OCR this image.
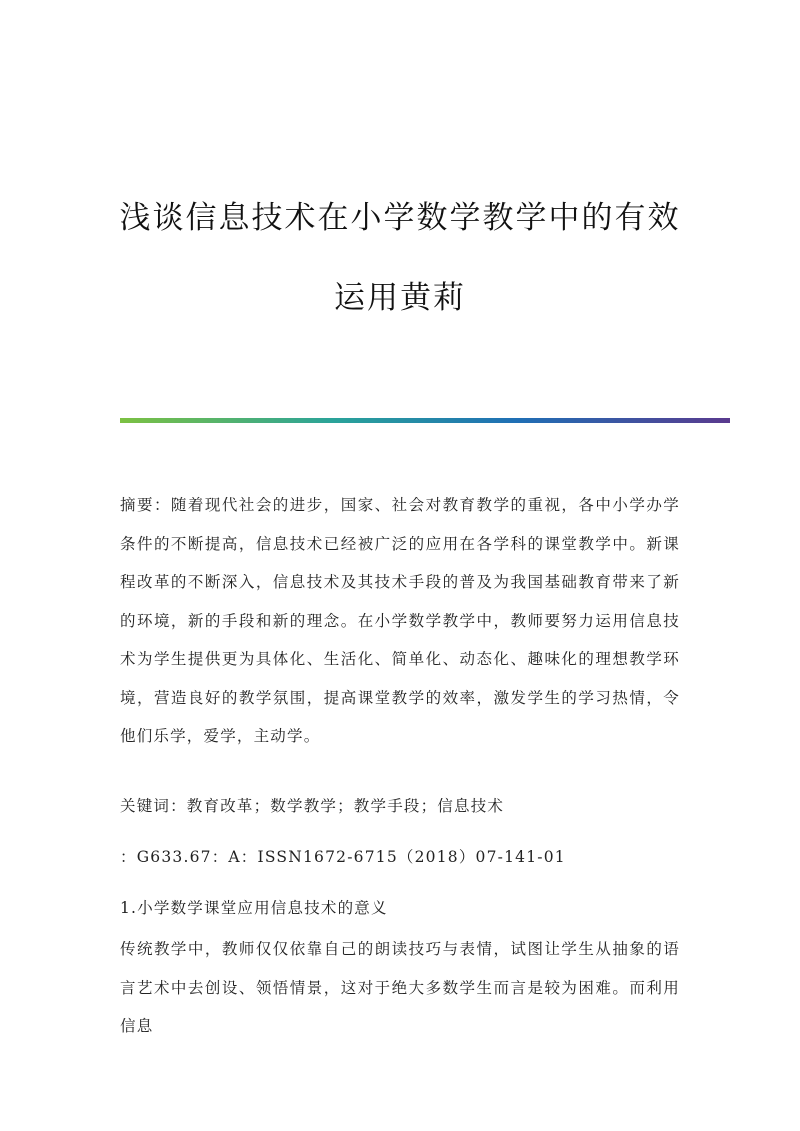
浅谈信息技术在小学数学教学中的有效
运用黄莉

摘要：随着现代社会的进步，国家、社会对教育教学的重视，各中小学办学条件的不断提高，信息技术已经被广泛的应用在各学科的课堂教学中。新课程改革的不断深入，信息技术及其技术手段的普及为我国基础教育带来了新的环境，新的手段和新的理念。在小学数学教学中，教师要努力运用信息技术为学生提供更为具体化、生活化、简单化、动态化、趣味化的理想教学环境，营造良好的教学氛围，提高课堂教学的效率，激发学生的学习热情，令他们乐学，爱学，主动学。

关键词：教育改革；数学教学；教学手段；信息技术

：G633.67：A：ISSN1672-6715（2018）07-141-01

1.小学数学课堂应用信息技术的意义

传统教学中，教师仅仅依靠自己的朗读技巧与表情，试图让学生从抽象的语言艺术中去创设、领悟情景，这对于绝大多数学生而言是较为困难。而利用信息
